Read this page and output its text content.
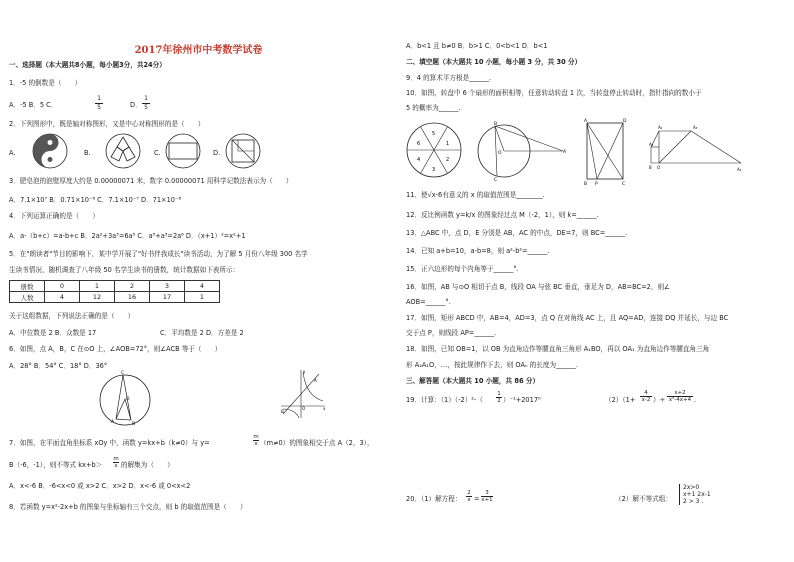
2017年徐州市中考数学试卷
一、选择题（本大题共8小题，每小题3分，共24分）
1．-5 的倒数是（　　）
A．-5 B．5 C．	$\frac{1}{5}$	D． $\frac{1}{5}$
2．下列图形中，既是轴对称图形，又是中心对称图形的是（　　）
A.	B.	C.	D.
3．肥皂泡的泡壁厚度大约是 0.00000071 米，数字 0.00000071 用科学记数法表示为（　　）
A．7.1×10⁷ B．0.71×10⁻⁶ C．7.1×10⁻⁷ D．71×10⁻⁸
4．下列运算正确的是（　　）
A．a-（b+c）=a-b+c B．2a²+3a³=6a⁵ C．a³+a³=2a⁶ D．（x+1）²=x²+1
5．在"朗读者"节目的影响下，某中学开展了"好书伴我成长"读书活动，为了解 5 月份八年级 300 名学
生读书情况，随机调查了八年级 50 名学生读书的册数，统计数据如下表所示：
册数	0	1	2	3	4
人数	4	12	16	17	1
关于这组数据，下列说法正确的是（　　）
A．中位数是 2 B．众数是 17	C．平均数是 2 D．方差是 2
6．如图，点 A，B，C 在⊙O 上，∠AOB=72°，则∠ACB 等于（　　）
A．28° B．54° C．18° D．36°
C
O
A	B
A
B
O	x
y
7．如图，在平面直角坐标系 xOy 中，函数 y=kx+b（k≠0）与 y=	$\frac{m}{x} (m\ne 0)$的图象相交于点 A（2，3），
B（-6，-1），则不等式 $kx+b> \frac{m}{x}$ 的解集为（　　）
A．x<-6 B．-6<x<0 或 x>2 C．x>2 D．x<-6 或 0<x<2
8．若函数 y=x²-2x+b 的图象与坐标轴有三个交点，则 b 的取值范围是（　　）
A．b<1 且 b≠0 B．b>1 C．0<b<1 D．b<1
二、填空题（本大题共 10 小题，每小题 3 分，共 30 分）
9．4 的算术平方根是______.
10．如图，转盘中 6 个扇形的面积相等，任意转动转盘 1 次，当转盘停止转动时，指针指向的数小于
5 的概率为______.
5
1
2
3
4
6
B
O	A
C
A	D
B P	C
A₂	A₃
A₁
B O	A₄
11．使√x-6有意义的 x 的取值范围是________.
12．反比例函数 y=k/x 的图象经过点 M（-2，1），则 k=______.
13．△ABC 中，点 D，E 分别是 AB，AC 的中点，DE=7，则 BC=______.
14．已知 a+b=10，a-b=8，则 a²-b²=______.
15．正六边形的每个内角等于______°.
16．如图，AB 与⊙O 相切于点 B，线段 OA 与弦 BC 垂直，垂足为 D，AB=BC=2，则∠
AOB=______°.
17．如图，矩形 ABCD 中，AB=4，AD=3，点 Q 在对角线 AC 上，且 AQ=AD，连接 DQ 并延长，与边 BC
交于点 P，则线段 AP=______.
18．如图，已知 OB=1，以 OB 为直角边作等腰直角三角形 A₁BO，再以 OA₁ 为直角边作等腰直角三角
形 A₂A₁O，…，按此规律作下去，则 OAₙ 的长度为______.
三、解答题（本大题共 10 小题，共 86 分）
19．计算：$(1)(-2)^2-( \frac{1}{2} )^{-1}+2017^0$	$(2)(1+ \frac{4}{x-2}$ ）÷ $\frac{x+2}{\text{x²-4x+4}}$ .
20．（1）解方程： $\frac{2}{x} = \frac{3}{x+1}$	（2）解不等式组：
2x>0
x+1 2x-1
2 > 3 .
